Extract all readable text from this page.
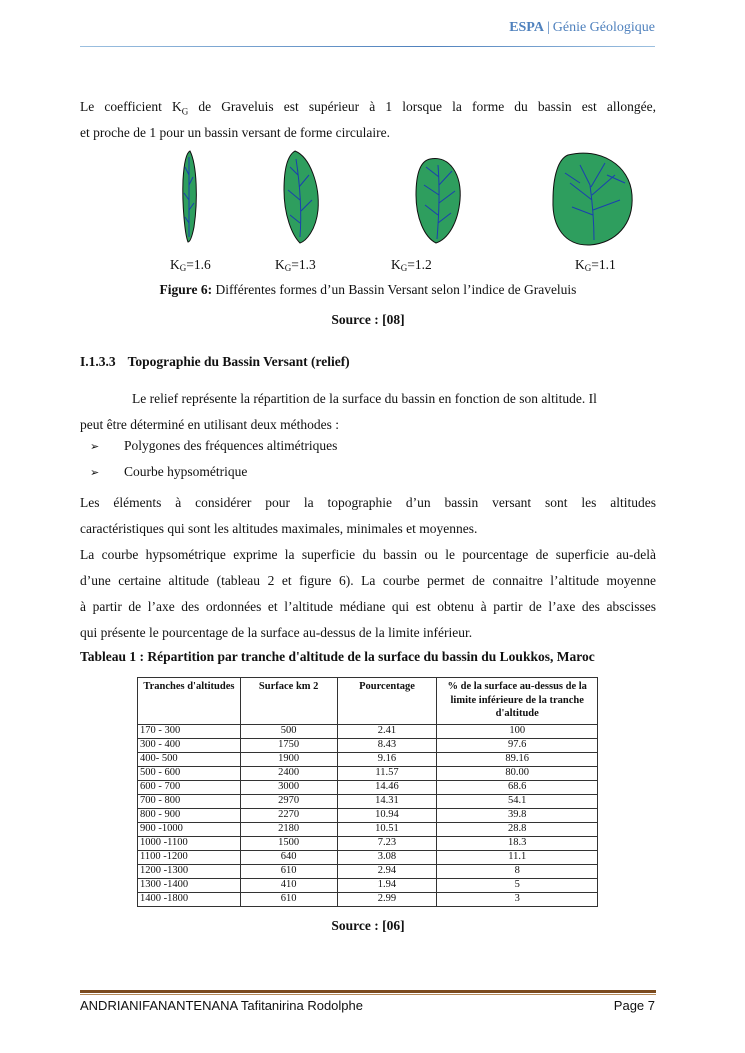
ESPA | Génie Géologique
Le coefficient $K_G$ de Graveluis est supérieur à 1 lorsque la forme du bassin est allongée,
et proche de 1 pour un bassin versant de forme circulaire.
$K_G=1.6$	$K_G=1.3$	$K_G=1.2$	$K_G=1.1$
Figure 6: Différentes formes d’un Bassin Versant selon l’indice de Graveluis
Source : [08]
I.1.3.3 Topographie du Bassin Versant (relief)
Le relief représente la répartition de la surface du bassin en fonction de son altitude. Il
peut être déterminé en utilisant deux méthodes :
➢ Polygones des fréquences altimétriques
➢ Courbe hypsométrique
Les éléments à considérer pour la topographie d’un bassin versant sont les altitudes
caractéristiques qui sont les altitudes maximales, minimales et moyennes.
La courbe hypsométrique exprime la superficie du bassin ou le pourcentage de superficie au-delà
d’une certaine altitude (tableau 2 et figure 6). La courbe permet de connaitre l’altitude moyenne
à partir de l’axe des ordonnées et l’altitude médiane qui est obtenu à partir de l’axe des abscisses
qui présente le pourcentage de la surface au-dessus de la limite inférieur.
Tableau 1 : Répartition par tranche d'altitude de la surface du bassin du Loukkos, Maroc
Tranches d'altitudes	Surface km 2	Pourcentage	% de la surface au-dessus de la limite inférieure de la tranche d'altitude
170 - 300	500	2.41	100
300 - 400	1750	8.43	97.6
400- 500	1900	9.16	89.16
500 - 600	2400	11.57	80.00
600 - 700	3000	14.46	68.6
700 - 800	2970	14.31	54.1
800 - 900	2270	10.94	39.8
900 -1000	2180	10.51	28.8
1000 -1100	1500	7.23	18.3
1100 -1200	640	3.08	11.1
1200 -1300	610	2.94	8
1300 -1400	410	1.94	5
1400 -1800	610	2.99	3
Source : [06]
ANDRIANIFANANTENANA Tafitanirina Rodolphe	Page 7
